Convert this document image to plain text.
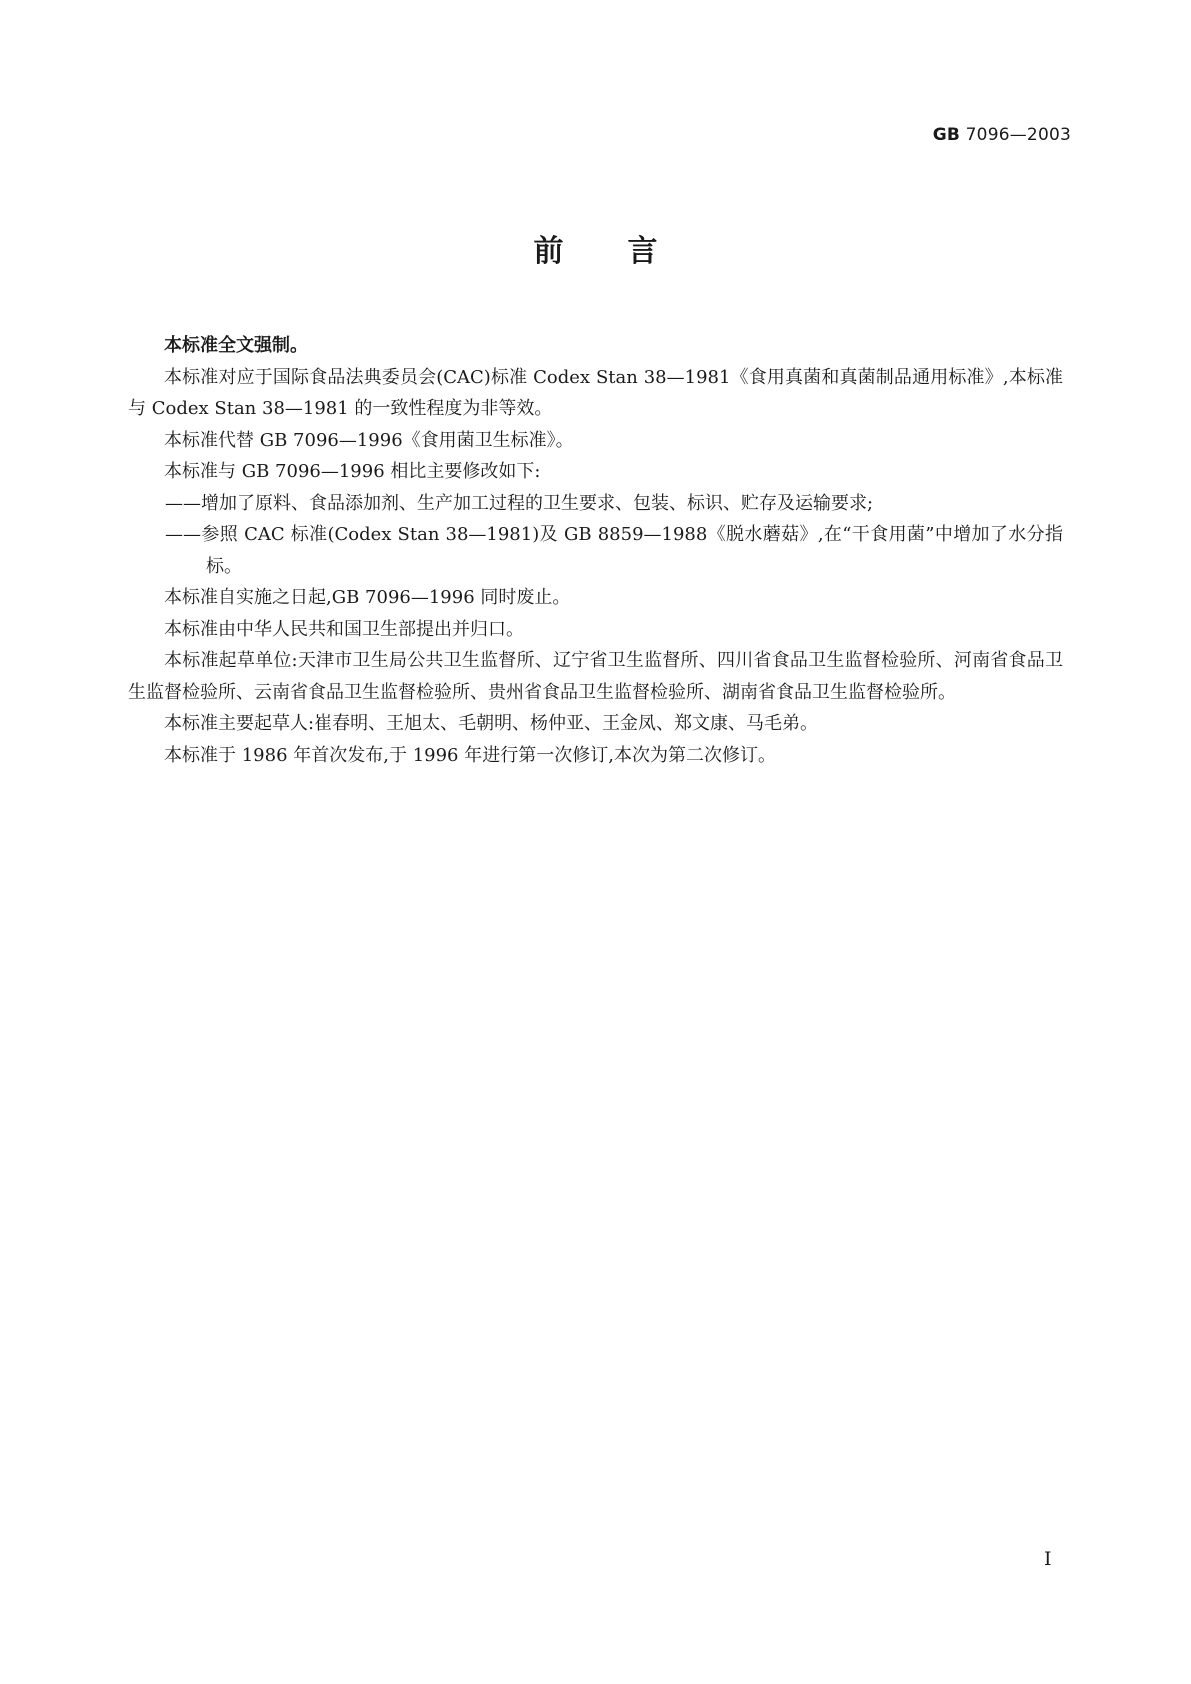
GB 7096—2003
前言

本标准全文强制。

本标准对应于国际食品法典委员会(CAC)标准 Codex Stan 38—1981《食用真菌和真菌制品通用标准》,本标准与 Codex Stan 38—1981 的一致性程度为非等效。

本标准代替 GB 7096—1996《食用菌卫生标准》。

本标准与 GB 7096—1996 相比主要修改如下:

——增加了原料、食品添加剂、生产加工过程的卫生要求、包装、标识、贮存及运输要求;

——参照 CAC 标准(Codex Stan 38—1981)及 GB 8859—1988《脱水蘑菇》,在“干食用菌”中增加了水分指标。

本标准自实施之日起,GB 7096—1996 同时废止。

本标准由中华人民共和国卫生部提出并归口。

本标准起草单位:天津市卫生局公共卫生监督所、辽宁省卫生监督所、四川省食品卫生监督检验所、河南省食品卫生监督检验所、云南省食品卫生监督检验所、贵州省食品卫生监督检验所、湖南省食品卫生监督检验所。

本标准主要起草人:崔春明、王旭太、毛朝明、杨仲亚、王金凤、郑文康、马毛弟。

本标准于 1986 年首次发布,于 1996 年进行第一次修订,本次为第二次修订。

I
